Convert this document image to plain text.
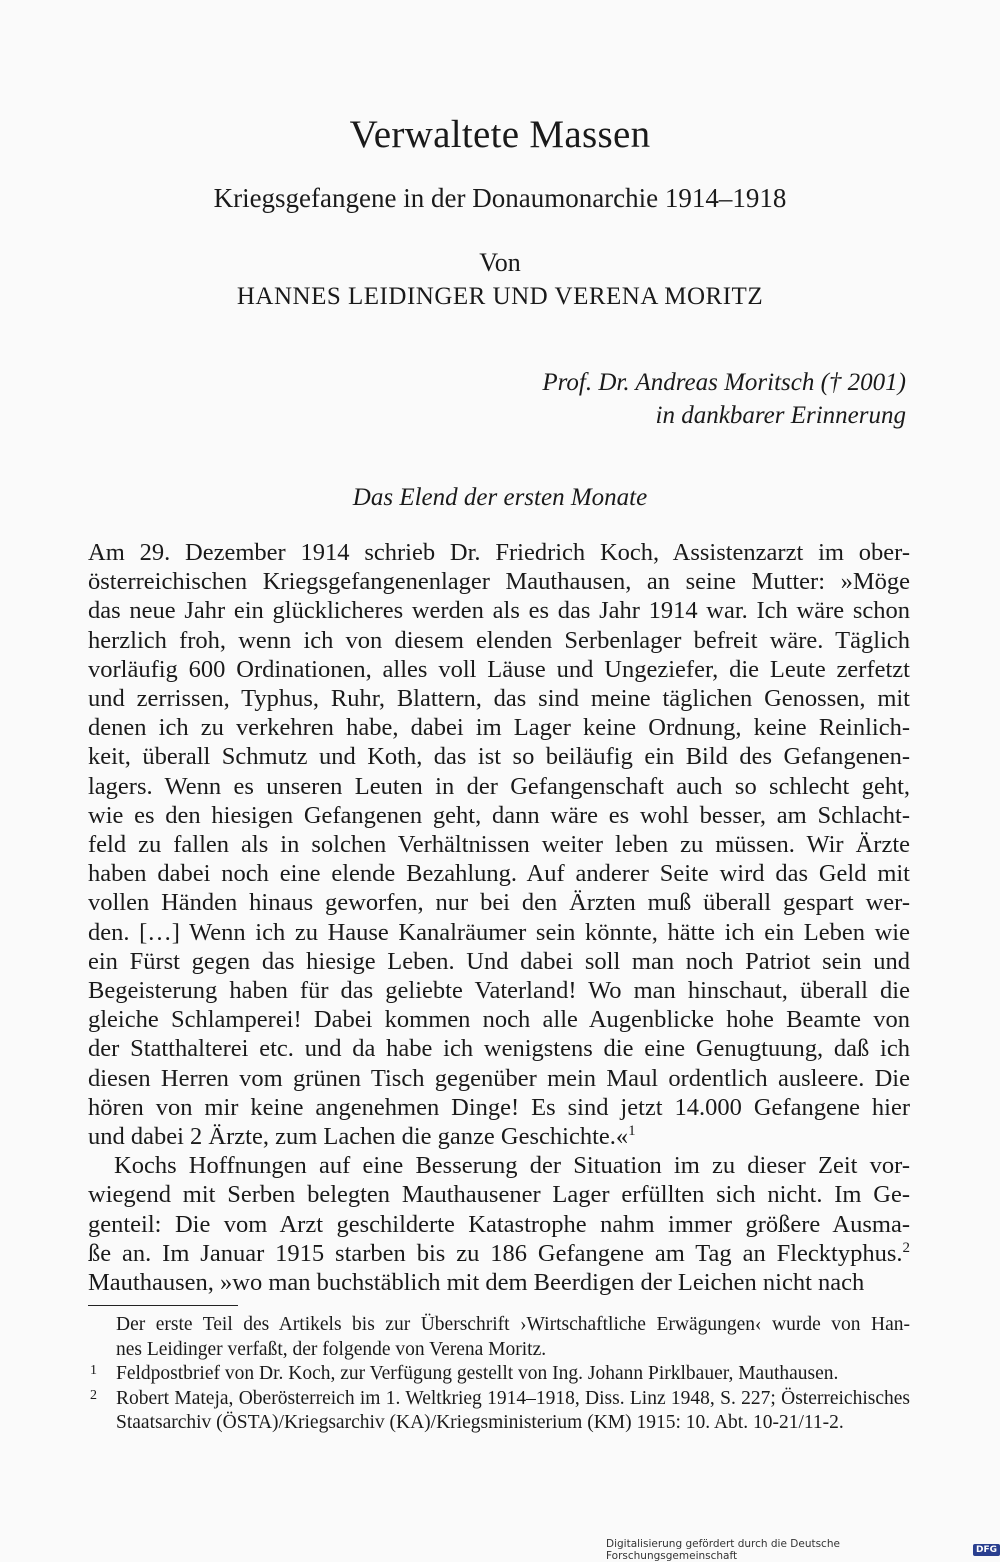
Verwaltete Massen
Kriegsgefangene in der Donaumonarchie 1914–1918
Von
HANNES LEIDINGER UND VERENA MORITZ
Prof. Dr. Andreas Moritsch († 2001)
in dankbarer Erinnerung
Das Elend der ersten Monate
Am 29. Dezember 1914 schrieb Dr. Friedrich Koch, Assistenzarzt im ober-
österreichischen Kriegsgefangenenlager Mauthausen, an seine Mutter: »Möge
das neue Jahr ein glücklicheres werden als es das Jahr 1914 war. Ich wäre schon
herzlich froh, wenn ich von diesem elenden Serbenlager befreit wäre. Täglich
vorläufig 600 Ordinationen, alles voll Läuse und Ungeziefer, die Leute zerfetzt
und zerrissen, Typhus, Ruhr, Blattern, das sind meine täglichen Genossen, mit
denen ich zu verkehren habe, dabei im Lager keine Ordnung, keine Reinlich-
keit, überall Schmutz und Koth, das ist so beiläufig ein Bild des Gefangenen-
lagers. Wenn es unseren Leuten in der Gefangenschaft auch so schlecht geht,
wie es den hiesigen Gefangenen geht, dann wäre es wohl besser, am Schlacht-
feld zu fallen als in solchen Verhältnissen weiter leben zu müssen. Wir Ärzte
haben dabei noch eine elende Bezahlung. Auf anderer Seite wird das Geld mit
vollen Händen hinaus geworfen, nur bei den Ärzten muß überall gespart wer-
den. […] Wenn ich zu Hause Kanalräumer sein könnte, hätte ich ein Leben wie
ein Fürst gegen das hiesige Leben. Und dabei soll man noch Patriot sein und
Begeisterung haben für das geliebte Vaterland! Wo man hinschaut, überall die
gleiche Schlamperei! Dabei kommen noch alle Augenblicke hohe Beamte von
der Statthalterei etc. und da habe ich wenigstens die eine Genugtuung, daß ich
diesen Herren vom grünen Tisch gegenüber mein Maul ordentlich ausleere. Die
hören von mir keine angenehmen Dinge! Es sind jetzt 14.000 Gefangene hier
und dabei 2 Ärzte, zum Lachen die ganze Geschichte.«$^1$
Kochs Hoffnungen auf eine Besserung der Situation im zu dieser Zeit vor-
wiegend mit Serben belegten Mauthausener Lager erfüllten sich nicht. Im Ge-
genteil: Die vom Arzt geschilderte Katastrophe nahm immer größere Ausma-
ße an. Im Januar 1915 starben bis zu 186 Gefangene am Tag an Flecktyphus.$^2$
Mauthausen, »wo man buchstäblich mit dem Beerdigen der Leichen nicht nach
Der erste Teil des Artikels bis zur Überschrift ›Wirtschaftliche Erwägungen‹ wurde von Han-
nes Leidinger verfaßt, der folgende von Verena Moritz.
1 Feldpostbrief von Dr. Koch, zur Verfügung gestellt von Ing. Johann Pirklbauer, Mauthausen.
2 Robert Mateja, Oberösterreich im 1. Weltkrieg 1914–1918, Diss. Linz 1948, S. 227; Österreichisches
Staatsarchiv (ÖSTA)/Kriegsarchiv (KA)/Kriegsministerium (KM) 1915: 10. Abt. 10-21/11-2.
Digitalisierung gefördert durch die Deutsche Forschungsgemeinschaft	DFG
